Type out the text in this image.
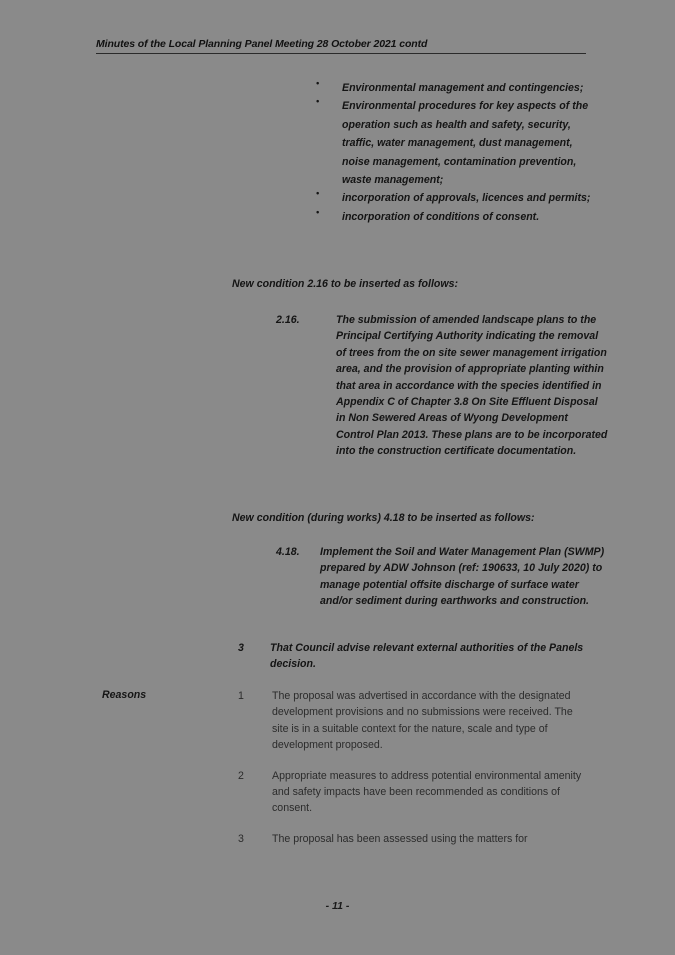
Minutes of the Local Planning Panel Meeting 28 October 2021 contd
• Environmental management and contingencies;
• Environmental procedures for key aspects of the operation such as health and safety, security, traffic, water management, dust management, noise management, contamination prevention, waste management;
• incorporation of approvals, licences and permits;
• incorporation of conditions of consent.
New condition 2.16 to be inserted as follows:
2.16.	The submission of amended landscape plans to the Principal Certifying Authority indicating the removal of trees from the on site sewer management irrigation area, and the provision of appropriate planting within that area in accordance with the species identified in Appendix C of Chapter 3.8 On Site Effluent Disposal in Non Sewered Areas of Wyong Development Control Plan 2013. These plans are to be incorporated into the construction certificate documentation.
New condition (during works) 4.18 to be inserted as follows:
4.18.	Implement the Soil and Water Management Plan (SWMP) prepared by ADW Johnson (ref: 190633, 10 July 2020) to manage potential offsite discharge of surface water and/or sediment during earthworks and construction.
3	That Council advise relevant external authorities of the Panels decision.
Reasons	1	The proposal was advertised in accordance with the designated development provisions and no submissions were received. The site is in a suitable context for the nature, scale and type of development proposed.
2	Appropriate measures to address potential environmental amenity and safety impacts have been recommended as conditions of consent.
3	The proposal has been assessed using the matters for
- 11 -
